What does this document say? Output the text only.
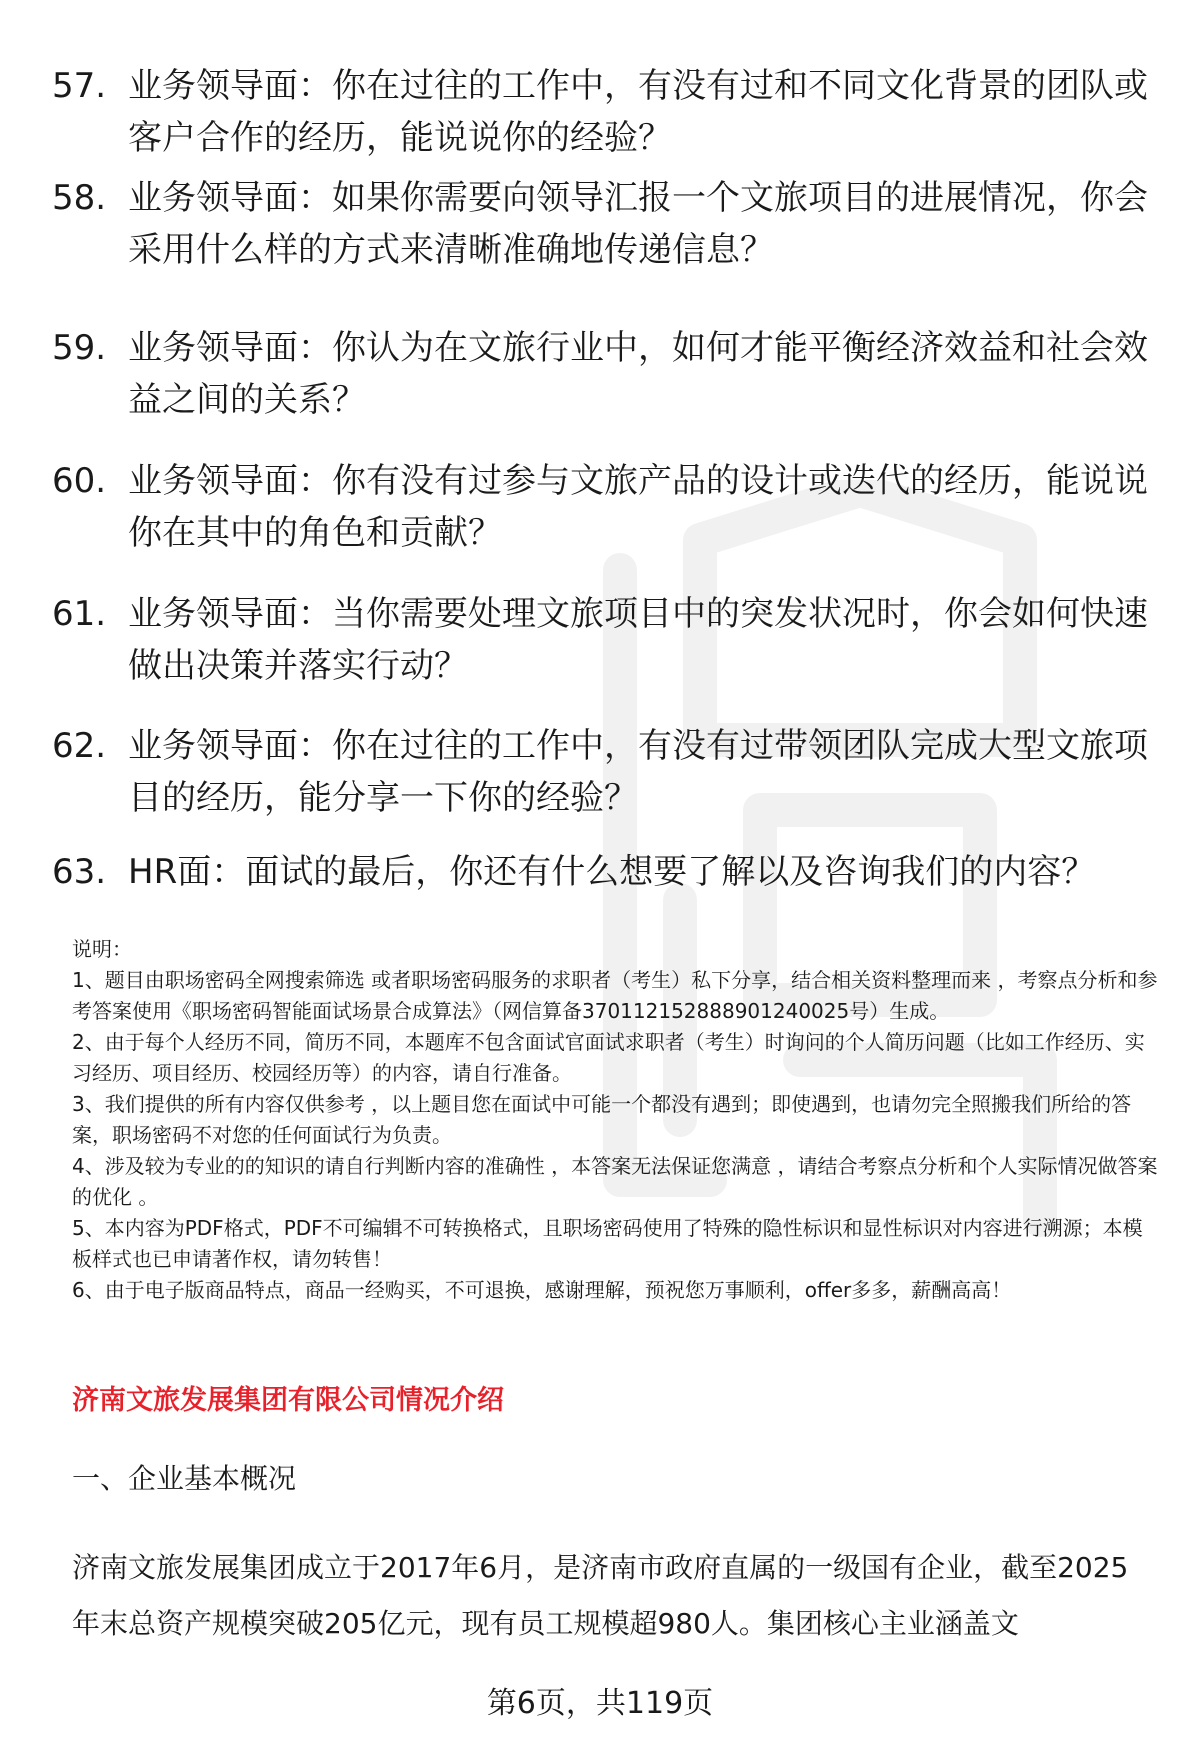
57. 业务领导面：你在过往的工作中，有没有过和不同文化背景的团队或客户合作的经历，能说说你的经验？
58. 业务领导面：如果你需要向领导汇报一个文旅项目的进展情况，你会采用什么样的方式来清晰准确地传递信息？
59. 业务领导面：你认为在文旅行业中，如何才能平衡经济效益和社会效益之间的关系？
60. 业务领导面：你有没有过参与文旅产品的设计或迭代的经历，能说说你在其中的角色和贡献？
61. 业务领导面：当你需要处理文旅项目中的突发状况时，你会如何快速做出决策并落实行动？
62. 业务领导面：你在过往的工作中，有没有过带领团队完成大型文旅项目的经历，能分享一下你的经验？
63. HR面：面试的最后，你还有什么想要了解以及咨询我们的内容？

说明：

1、题目由职场密码全网搜索筛选 或者职场密码服务的求职者（考生）私下分享，结合相关资料整理而来 ，考察点分析和参考答案使用《职场密码智能面试场景合成算法》（网信算备370112152888901240025号）生成。

2、由于每个人经历不同，简历不同，本题库不包含面试官面试求职者（考生）时询问的个人简历问题（比如工作经历、实习经历、项目经历、校园经历等）的内容，请自行准备。

3、我们提供的所有内容仅供参考 ，以上题目您在面试中可能一个都没有遇到；即使遇到，也请勿完全照搬我们所给的答案，职场密码不对您的任何面试行为负责。

4、涉及较为专业的的知识的请自行判断内容的准确性 ，本答案无法保证您满意 ，请结合考察点分析和个人实际情况做答案的优化 。

5、本内容为PDF格式，PDF不可编辑不可转换格式，且职场密码使用了特殊的隐性标识和显性标识对内容进行溯源；本模板样式也已申请著作权，请勿转售！

6、由于电子版商品特点，商品一经购买，不可退换，感谢理解，预祝您万事顺利，offer多多，薪酬高高！

济南文旅发展集团有限公司情况介绍
一、企业基本概况
济南文旅发展集团成立于2017年6月，是济南市政府直属的一级国有企业，截至2025年末总资产规模突破205亿元，现有员工规模超980人。集团核心主业涵盖文
第6页，共119页
